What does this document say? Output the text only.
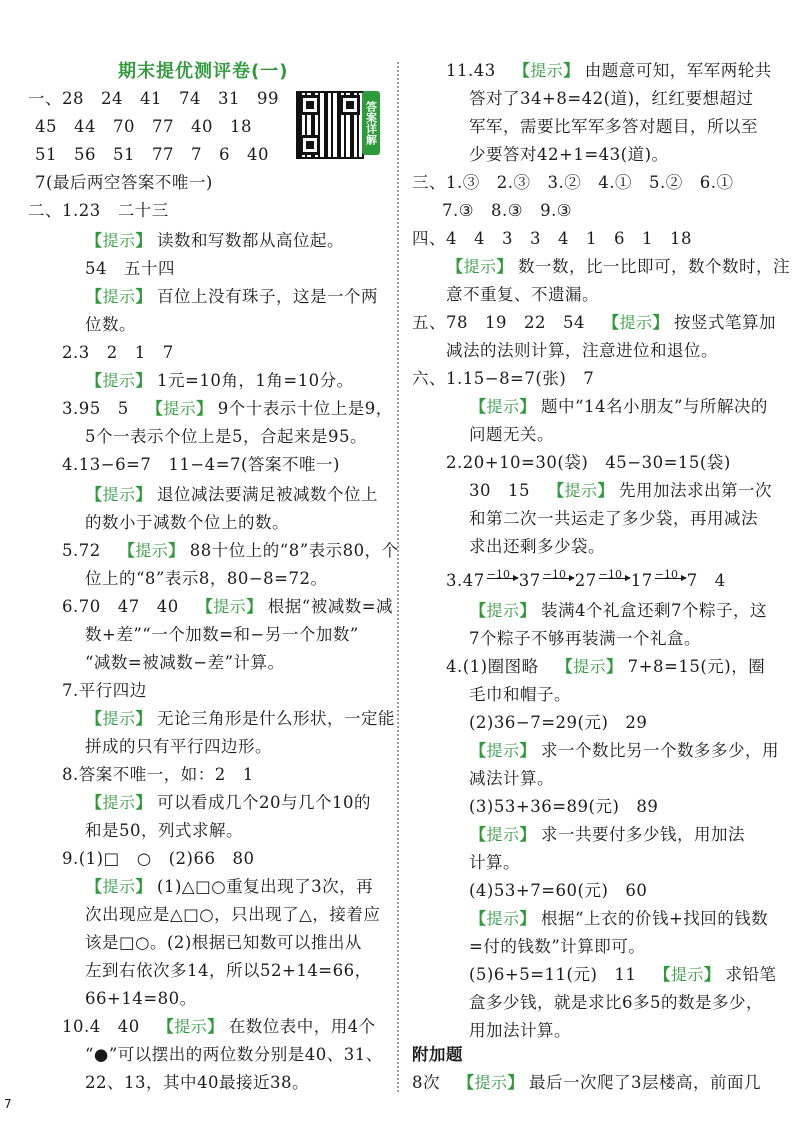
期末提优测评卷(一)
答案详解
一、28　24　41　74　31　99
45　44　70　77　40　18
51　56　51　77　7　6　40
7(最后两空答案不唯一)
二、1.23　二十三
【提示】 读数和写数都从高位起。
54　五十四
【提示】 百位上没有珠子，这是一个两
位数。
2.3　2　1　7
【提示】 1元=10角，1角=10分。
3.95　5　 【提示】 9个十表示十位上是9，
5个一表示个位上是5，合起来是95。
4.13−6=7　11−4=7(答案不唯一)
【提示】 退位减法要满足被减数个位上
的数小于减数个位上的数。
5.72　 【提示】 88十位上的“8”表示80，个
位上的“8”表示8，80−8=72。
6.70　47　40　 【提示】 根据“被减数=减
数+差”“一个加数=和−另一个加数”
“减数=被减数−差”计算。
7.平行四边
【提示】 无论三角形是什么形状，一定能
拼成的只有平行四边形。
8.答案不唯一，如：2　1
【提示】 可以看成几个20与几个10的
和是50，列式求解。
9.(1)□　○　(2)66　80
【提示】 (1)△□○重复出现了3次，再
次出现应是△□○，只出现了△，接着应
该是□○。(2)根据已知数可以推出从
左到右依次多14，所以52+14=66，
66+14=80。
10.4　40　 【提示】 在数位表中，用4个
“●”可以摆出的两位数分别是40、31、
22、13，其中40最接近38。
11.43　 【提示】 由题意可知，军军两轮共
答对了34+8=42(道)，红红要想超过
军军，需要比军军多答对题目，所以至
少要答对42+1=43(道)。
三、1.③　2.③　3.②　4.①　5.②　6.①
7.③　8.③　9.③
四、4　4　3　3　4　1　6　1　18
【提示】 数一数，比一比即可，数个数时，注
意不重复、不遗漏。
五、78　19　22　54　 【提示】 按竖式笔算加
减法的法则计算，注意进位和退位。
六、1.15−8=7(张)　7
【提示】 题中“14名小朋友”与所解决的
问题无关。
2.20+10=30(袋)　45−30=15(袋)
30　15　 【提示】 先用加法求出第一次
和第二次一共运走了多少袋，再用减法
求出还剩多少袋。
3.47 −10 37 −10 27 −10 17 −10 7　4
【提示】 装满4个礼盒还剩7个粽子，这
7个粽子不够再装满一个礼盒。
4.(1)圈图略　 【提示】 7+8=15(元)，圈
毛巾和帽子。
(2)36−7=29(元)　29
【提示】 求一个数比另一个数多多少，用
减法计算。
(3)53+36=89(元)　89
【提示】 求一共要付多少钱，用加法
计算。
(4)53+7=60(元)　60
【提示】 根据“上衣的价钱+找回的钱数
=付的钱数”计算即可。
(5)6+5=11(元)　11　 【提示】 求铅笔
盒多少钱，就是求比6多5的数是多少，
用加法计算。
附加题
8次　 【提示】 最后一次爬了3层楼高，前面几
7
